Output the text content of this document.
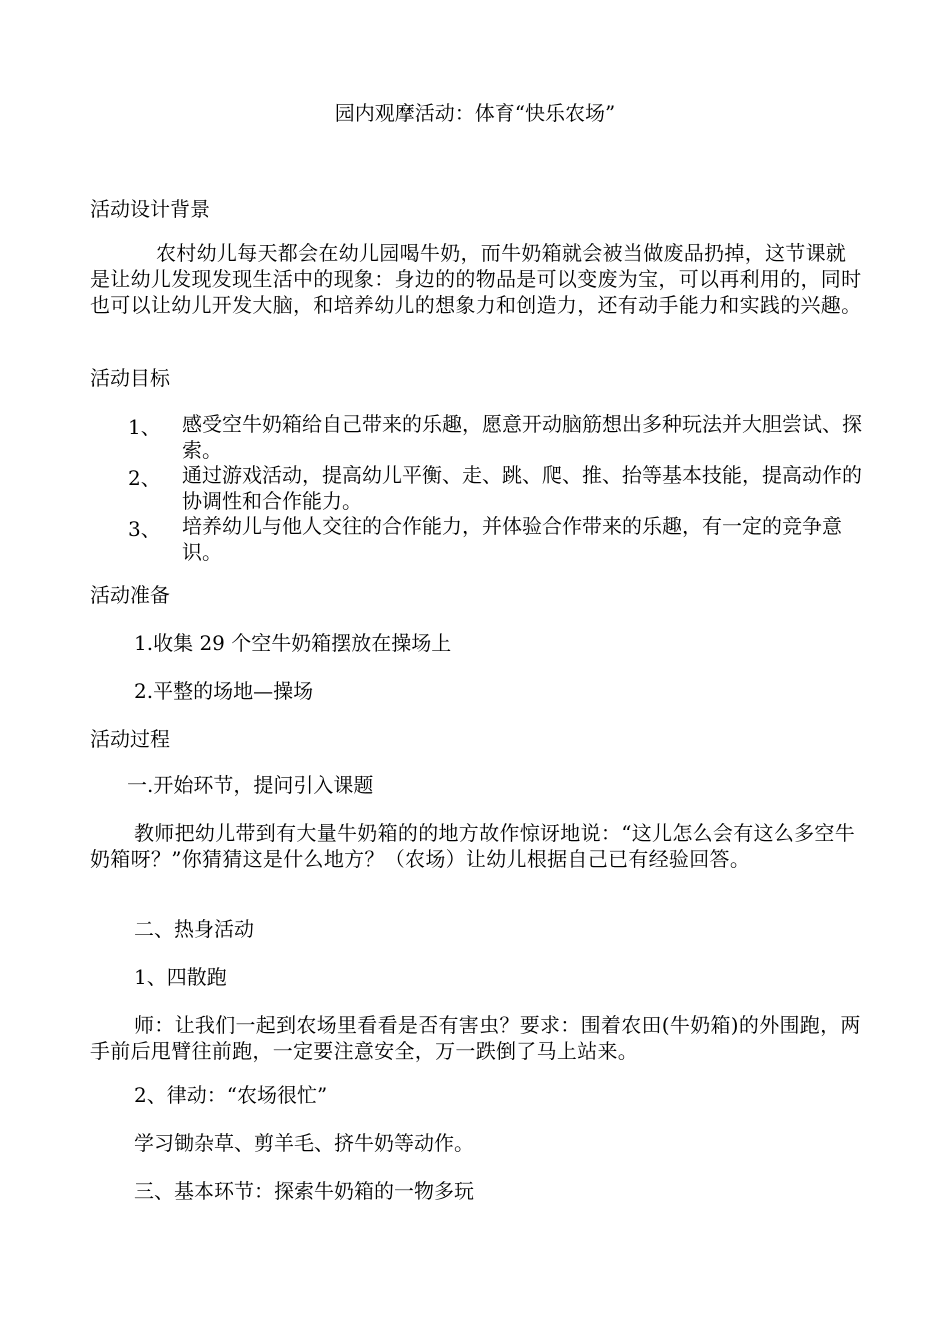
园内观摩活动：体育“快乐农场”
活动设计背景
农村幼儿每天都会在幼儿园喝牛奶，而牛奶箱就会被当做废品扔掉，这节课就是让幼儿发现发现生活中的现象：身边的的物品是可以变废为宝，可以再利用的，同时也可以让幼儿开发大脑，和培养幼儿的想象力和创造力，还有动手能力和实践的兴趣。
活动目标
1、 感受空牛奶箱给自己带来的乐趣，愿意开动脑筋想出多种玩法并大胆尝试、探索。
2、 通过游戏活动，提高幼儿平衡、走、跳、爬、推、抬等基本技能，提高动作的协调性和合作能力。
3、 培养幼儿与他人交往的合作能力，并体验合作带来的乐趣，有一定的竞争意识。
活动准备
1.收集 29 个空牛奶箱摆放在操场上
2.平整的场地—操场
活动过程
一.开始环节，提问引入课题
教师把幼儿带到有大量牛奶箱的的地方故作惊讶地说：“这儿怎么会有这么多空牛奶箱呀？”你猜猜这是什么地方？（农场）让幼儿根据自己已有经验回答。
二、热身活动
1、四散跑
师：让我们一起到农场里看看是否有害虫？要求：围着农田(牛奶箱)的外围跑，两手前后甩臂往前跑，一定要注意安全，万一跌倒了马上站来。
2、律动：“农场很忙”
学习锄杂草、剪羊毛、挤牛奶等动作。
三、基本环节：探索牛奶箱的一物多玩
